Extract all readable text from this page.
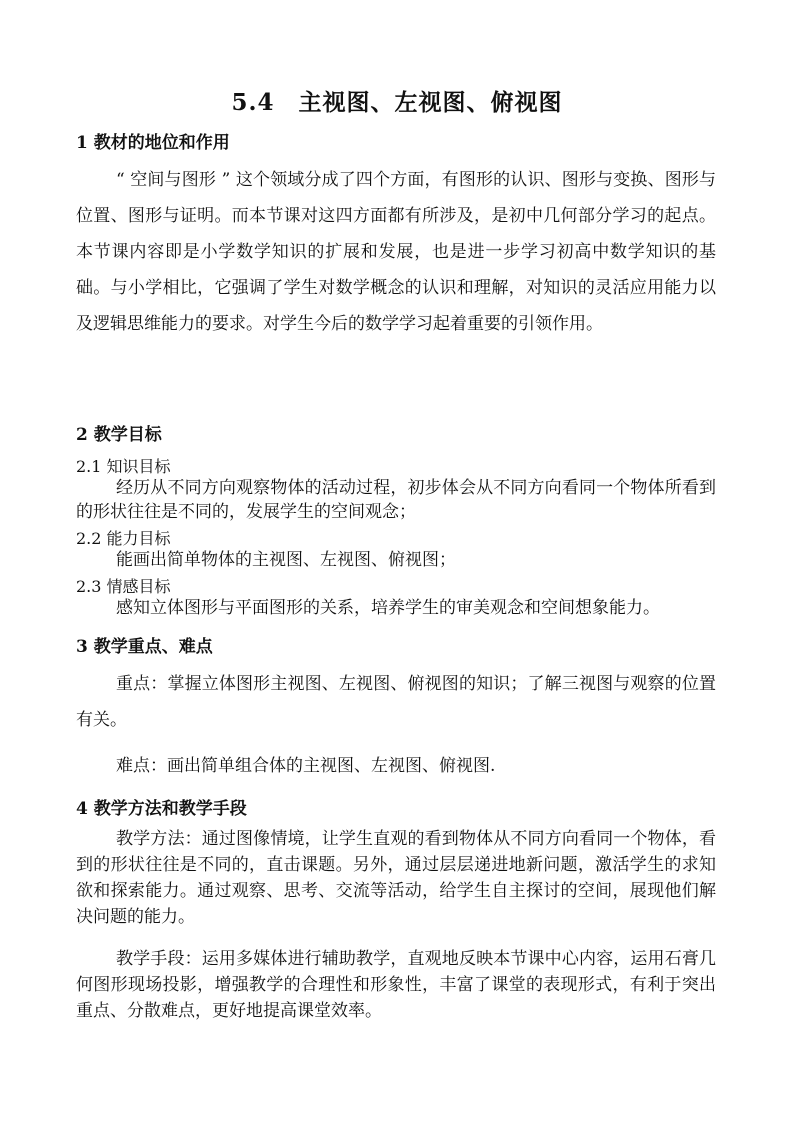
5.4　主视图、左视图、俯视图
1 教材的地位和作用
“ 空间与图形 ” 这个领域分成了四个方面，有图形的认识、图形与变换、图形与位置、图形与证明。而本节课对这四方面都有所涉及，是初中几何部分学习的起点。本节课内容即是小学数学知识的扩展和发展，也是进一步学习初高中数学知识的基础。与小学相比，它强调了学生对数学概念的认识和理解，对知识的灵活应用能力以及逻辑思维能力的要求。对学生今后的数学学习起着重要的引领作用。
2 教学目标
2.1 知识目标
经历从不同方向观察物体的活动过程，初步体会从不同方向看同一个物体所看到的形状往往是不同的，发展学生的空间观念；
2.2 能力目标
能画出简单物体的主视图、左视图、俯视图；
2.3 情感目标
感知立体图形与平面图形的关系，培养学生的审美观念和空间想象能力。
3 教学重点、难点
重点：掌握立体图形主视图、左视图、俯视图的知识；了解三视图与观察的位置有关。
难点：画出简单组合体的主视图、左视图、俯视图.
4 教学方法和教学手段
教学方法：通过图像情境，让学生直观的看到物体从不同方向看同一个物体，看到的形状往往是不同的，直击课题。另外，通过层层递进地新问题，激活学生的求知欲和探索能力。通过观察、思考、交流等活动，给学生自主探讨的空间，展现他们解决问题的能力。
教学手段：运用多媒体进行辅助教学，直观地反映本节课中心内容，运用石膏几何图形现场投影，增强教学的合理性和形象性，丰富了课堂的表现形式，有利于突出重点、分散难点，更好地提高课堂效率。
